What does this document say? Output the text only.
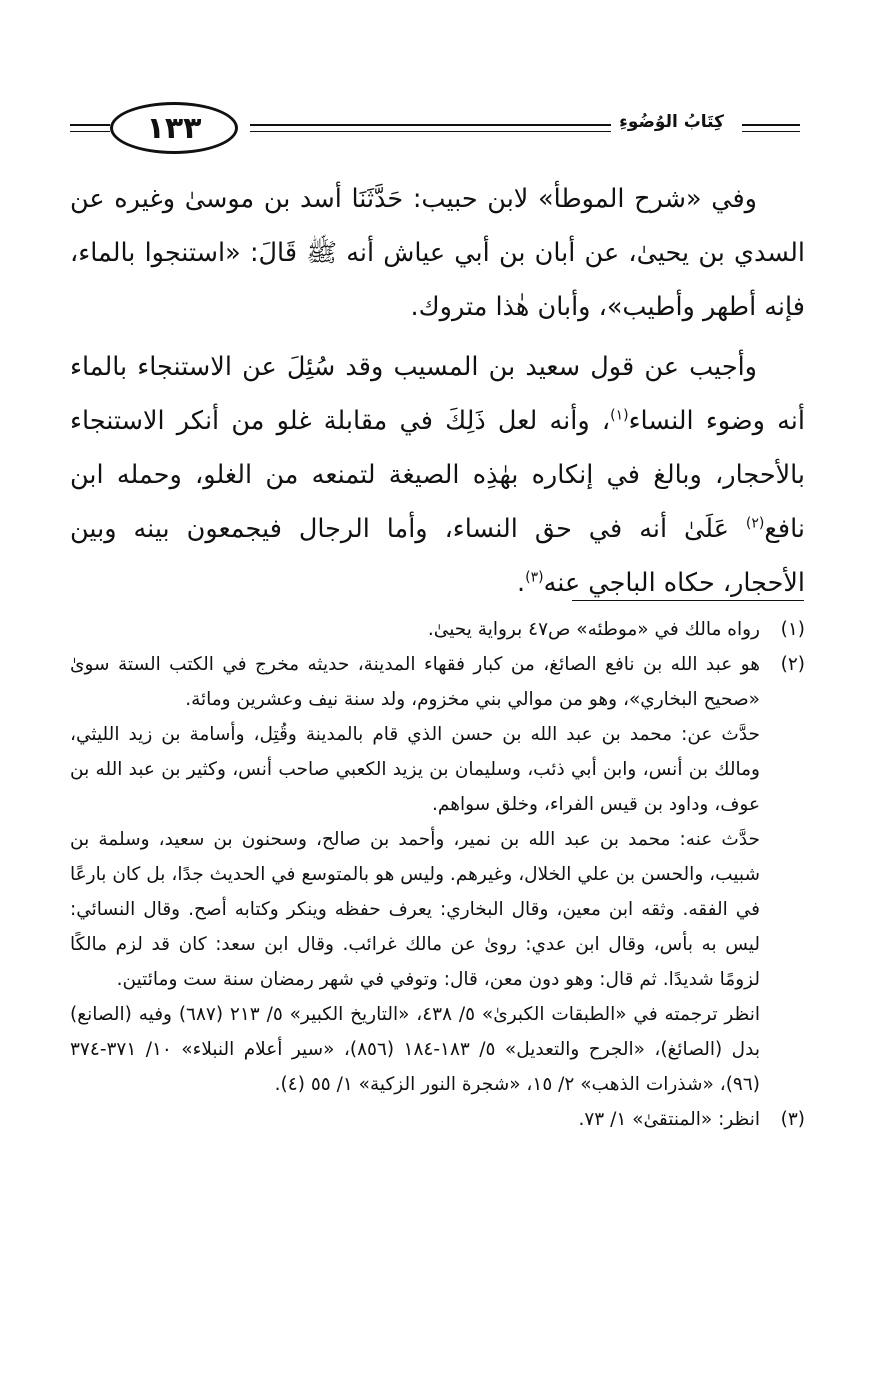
كِتَابُ الوُضُوءِ
١٣٣

وفي «شرح الموطأ» لابن حبيب: حَدَّثَنَا أسد بن موسىٰ وغيره عن السدي بن يحيىٰ، عن أبان بن أبي عياش أنه ﷺ قَالَ: «استنجوا بالماء، فإنه أطهر وأطيب»، وأبان هٰذا متروك.

وأجيب عن قول سعيد بن المسيب وقد سُئِلَ عن الاستنجاء بالماء أنه وضوء النساء$^{(١)}$، وأنه لعل ذَلِكَ في مقابلة غلو من أنكر الاستنجاء بالأحجار، وبالغ في إنكاره بهٰذِه الصيغة لتمنعه من الغلو، وحمله ابن نافع$^{(٢)}$ عَلَىٰ أنه في حق النساء، وأما الرجال فيجمعون بينه وبين الأحجار، حكاه الباجي عنه$^{(٣)}$.

(١)
رواه مالك في «موطئه» ص٤٧ برواية يحيىٰ.
(٢)
هو عبد الله بن نافع الصائغ، من كبار فقهاء المدينة، حديثه مخرج في الكتب الستة سوىٰ «صحيح البخاري»، وهو من موالي بني مخزوم، ولد سنة نيف وعشرين ومائة.
حدَّث عن: محمد بن عبد الله بن حسن الذي قام بالمدينة وقُتِل، وأسامة بن زيد الليثي، ومالك بن أنس، وابن أبي ذئب، وسليمان بن يزيد الكعبي صاحب أنس، وكثير بن عبد الله بن عوف، وداود بن قيس الفراء، وخلق سواهم.
حدَّث عنه: محمد بن عبد الله بن نمير، وأحمد بن صالح، وسحنون بن سعيد، وسلمة بن شبيب، والحسن بن علي الخلال، وغيرهم. وليس هو بالمتوسع في الحديث جدًا، بل كان بارعًا في الفقه. وثقه ابن معين، وقال البخاري: يعرف حفظه وينكر وكتابه أصح. وقال النسائي: ليس به بأس، وقال ابن عدي: روىٰ عن مالك غرائب. وقال ابن سعد: كان قد لزم مالكًا لزومًا شديدًا. ثم قال: وهو دون معن، قال: وتوفي في شهر رمضان سنة ست ومائتين.
انظر ترجمته في «الطبقات الكبرىٰ» ٥/ ٤٣٨، «التاريخ الكبير» ٥/ ٢١٣ (٦٨٧) وفيه (الصانع) بدل (الصائغ)، «الجرح والتعديل» ٥/ ١٨٣-١٨٤ (٨٥٦)، «سير أعلام النبلاء» ١٠/ ٣٧١-٣٧٤ (٩٦)، «شذرات الذهب» ٢/ ١٥، «شجرة النور الزكية» ١/ ٥٥ (٤).
(٣)
انظر: «المنتقىٰ» ١/ ٧٣.
